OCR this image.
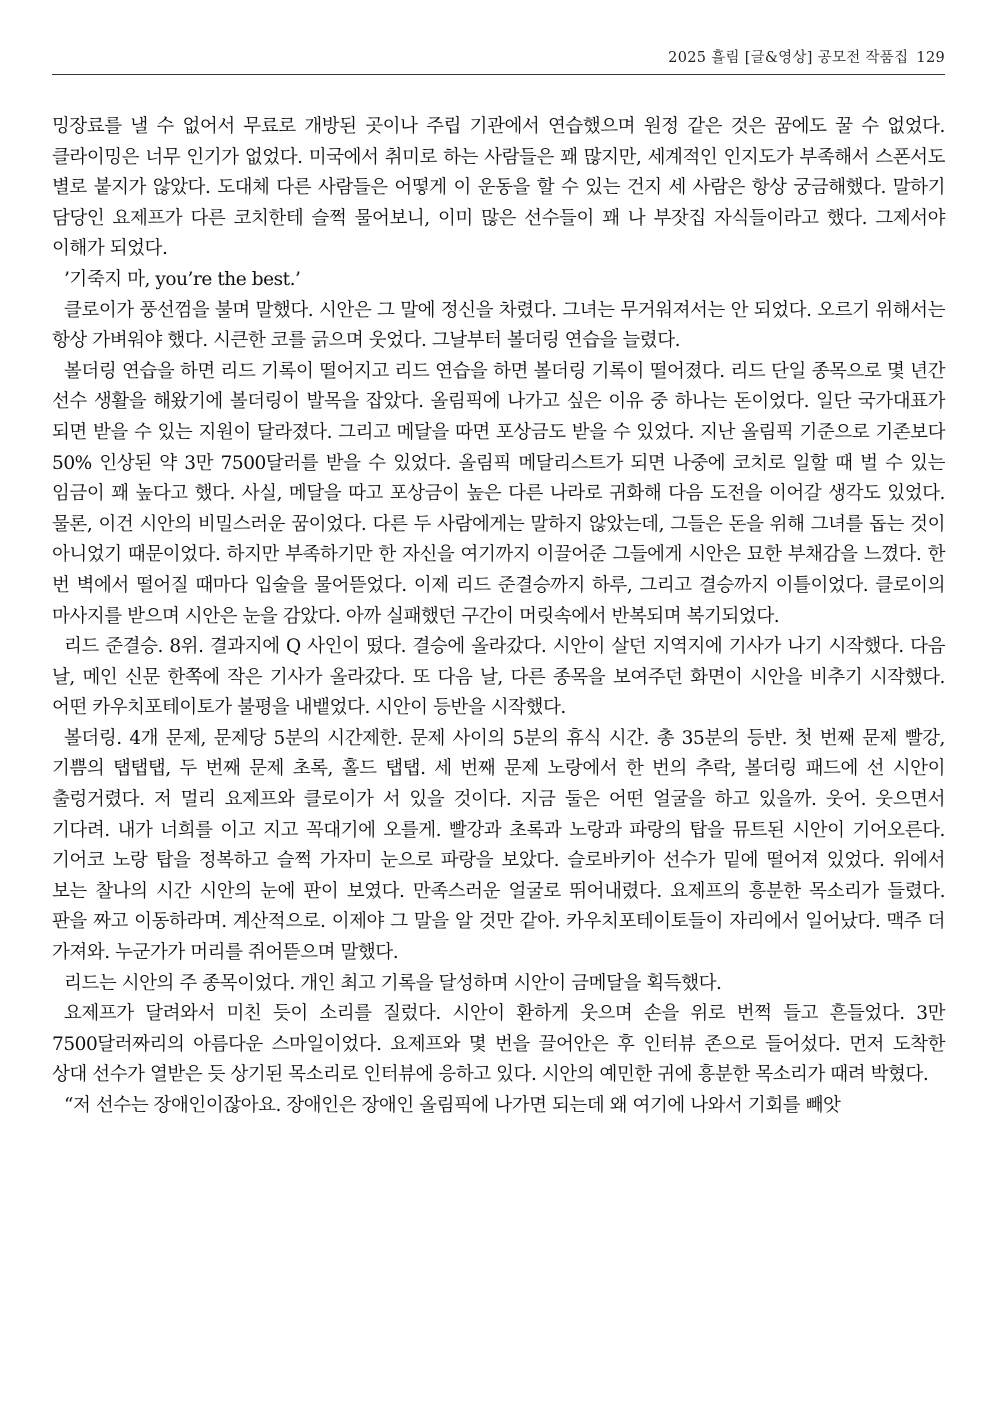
2025 흘림 [글&영상] 공모전 작품집 129

밍장료를 낼 수 없어서 무료로 개방된 곳이나 주립 기관에서 연습했으며 원정 같은 것은 꿈에도 꿀 수 없었다. 클라이밍은 너무 인기가 없었다. 미국에서 취미로 하는 사람들은 꽤 많지만, 세계적인 인지도가 부족해서 스폰서도 별로 붙지가 않았다. 도대체 다른 사람들은 어떻게 이 운동을 할 수 있는 건지 세 사람은 항상 궁금해했다. 말하기 담당인 요제프가 다른 코치한테 슬쩍 물어보니, 이미 많은 선수들이 꽤 나 부잣집 자식들이라고 했다. 그제서야 이해가 되었다.

’기죽지 마, you’re the best.’

클로이가 풍선껌을 불며 말했다. 시안은 그 말에 정신을 차렸다. 그녀는 무거워져서는 안 되었다. 오르기 위해서는 항상 가벼워야 했다. 시큰한 코를 긁으며 웃었다. 그날부터 볼더링 연습을 늘렸다.

볼더링 연습을 하면 리드 기록이 떨어지고 리드 연습을 하면 볼더링 기록이 떨어졌다. 리드 단일 종목으로 몇 년간 선수 생활을 해왔기에 볼더링이 발목을 잡았다. 올림픽에 나가고 싶은 이유 중 하나는 돈이었다. 일단 국가대표가 되면 받을 수 있는 지원이 달라졌다. 그리고 메달을 따면 포상금도 받을 수 있었다. 지난 올림픽 기준으로 기존보다 50% 인상된 약 3만 7500달러를 받을 수 있었다. 올림픽 메달리스트가 되면 나중에 코치로 일할 때 벌 수 있는 임금이 꽤 높다고 했다. 사실, 메달을 따고 포상금이 높은 다른 나라로 귀화해 다음 도전을 이어갈 생각도 있었다. 물론, 이건 시안의 비밀스러운 꿈이었다. 다른 두 사람에게는 말하지 않았는데, 그들은 돈을 위해 그녀를 돕는 것이 아니었기 때문이었다. 하지만 부족하기만 한 자신을 여기까지 이끌어준 그들에게 시안은 묘한 부채감을 느꼈다. 한 번 벽에서 떨어질 때마다 입술을 물어뜯었다. 이제 리드 준결승까지 하루, 그리고 결승까지 이틀이었다. 클로이의 마사지를 받으며 시안은 눈을 감았다. 아까 실패했던 구간이 머릿속에서 반복되며 복기되었다.

리드 준결승. 8위. 결과지에 Q 사인이 떴다. 결승에 올라갔다. 시안이 살던 지역지에 기사가 나기 시작했다. 다음 날, 메인 신문 한쪽에 작은 기사가 올라갔다. 또 다음 날, 다른 종목을 보여주던 화면이 시안을 비추기 시작했다. 어떤 카우치포테이토가 불평을 내뱉었다. 시안이 등반을 시작했다.

볼더링. 4개 문제, 문제당 5분의 시간제한. 문제 사이의 5분의 휴식 시간. 총 35분의 등반. 첫 번째 문제 빨강, 기쁨의 탭탭탭, 두 번째 문제 초록, 홀드 탭탭. 세 번째 문제 노랑에서 한 번의 추락, 볼더링 패드에 선 시안이 출렁거렸다. 저 멀리 요제프와 클로이가 서 있을 것이다. 지금 둘은 어떤 얼굴을 하고 있을까. 웃어. 웃으면서 기다려. 내가 너희를 이고 지고 꼭대기에 오를게. 빨강과 초록과 노랑과 파랑의 탑을 뮤트된 시안이 기어오른다. 기어코 노랑 탑을 정복하고 슬쩍 가자미 눈으로 파랑을 보았다. 슬로바키아 선수가 밑에 떨어져 있었다. 위에서 보는 찰나의 시간 시안의 눈에 판이 보였다. 만족스러운 얼굴로 뛰어내렸다. 요제프의 흥분한 목소리가 들렸다. 판을 짜고 이동하라며. 계산적으로. 이제야 그 말을 알 것만 같아. 카우치포테이토들이 자리에서 일어났다. 맥주 더 가져와. 누군가가 머리를 쥐어뜯으며 말했다.

리드는 시안의 주 종목이었다. 개인 최고 기록을 달성하며 시안이 금메달을 획득했다.

요제프가 달려와서 미친 듯이 소리를 질렀다. 시안이 환하게 웃으며 손을 위로 번쩍 들고 흔들었다. 3만 7500달러짜리의 아름다운 스마일이었다. 요제프와 몇 번을 끌어안은 후 인터뷰 존으로 들어섰다. 먼저 도착한 상대 선수가 열받은 듯 상기된 목소리로 인터뷰에 응하고 있다. 시안의 예민한 귀에 흥분한 목소리가 때려 박혔다.

“저 선수는 장애인이잖아요. 장애인은 장애인 올림픽에 나가면 되는데 왜 여기에 나와서 기회를 빼앗
